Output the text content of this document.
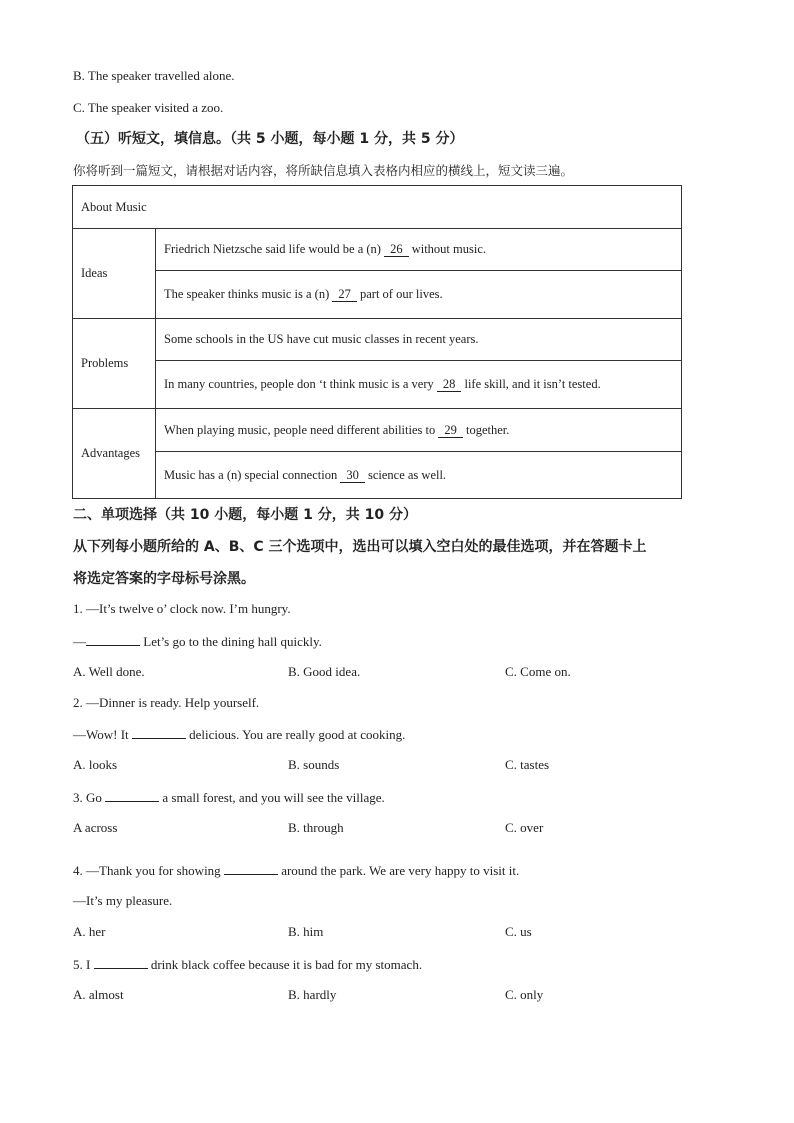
B. The speaker travelled alone.
C. The speaker visited a zoo.
（五）听短文，填信息。（共 5 小题，每小题 1 分，共 5 分）
你将听到一篇短文，请根据对话内容，将所缺信息填入表格内相应的横线上，短文读三遍。
About Music	
Ideas	Friedrich Nietzsche said life would be a (n) 26 without music.
	The speaker thinks music is a (n) 27 part of our lives.
Problems	Some schools in the US have cut music classes in recent years.
	In many countries, people don ‘t think music is a very 28 life skill, and it isn’t tested.
Advantages	When playing music, people need different abilities to 29 together.
	Music has a (n) special connection 30 science as well.
二、单项选择（共 10 小题，每小题 1 分，共 10 分）
从下列每小题所给的 A、B、C 三个选项中，选出可以填入空白处的最佳选项，并在答题卡上
将选定答案的字母标号涂黑。
1. —It’s twelve o’ clock now. I’m hungry.
—	Let’s go to the dining hall quickly.
A. Well done.	B. Good idea.	C. Come on.
2. —Dinner is ready. Help yourself.
—Wow! It	delicious. You are really good at cooking.
A. looks	B. sounds	C. tastes
3. Go	a small forest, and you will see the village.
A across	B. through	C. over
4. —Thank you for showing	around the park. We are very happy to visit it.
—It’s my pleasure.
A. her	B. him	C. us
5. I	drink black coffee because it is bad for my stomach.
A. almost	B. hardly	C. only
